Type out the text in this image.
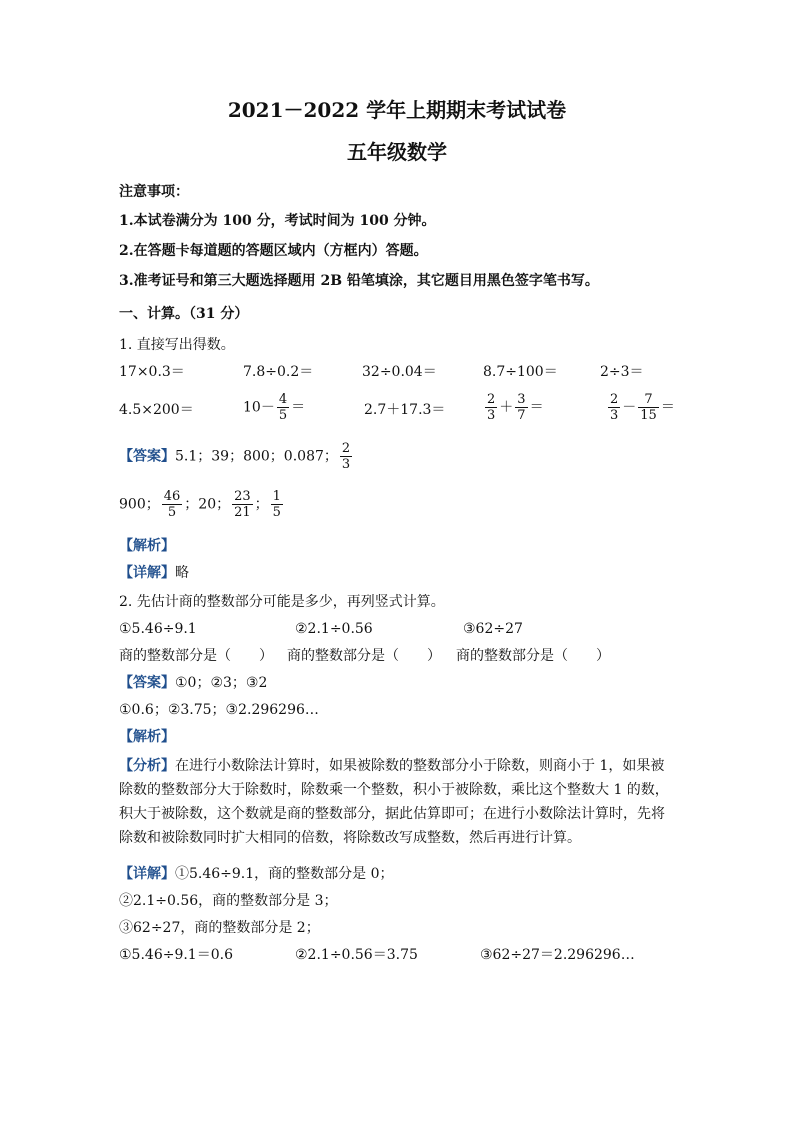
2021－2022 学年上期期末考试试卷
五年级数学
注意事项：
1.本试卷满分为 100 分，考试时间为 100 分钟。
2.在答题卡每道题的答题区域内（方框内）答题。
3.准考证号和第三大题选择题用 2B 铅笔填涂，其它题目用黑色签字笔书写。
一、计算。（31 分）
1. 直接写出得数。
17×0.3＝	7.8÷0.2＝	32÷0.04＝	8.7÷100＝	2÷3＝
4.5×200＝	$10- \frac{4}{5}$ ＝	2.7＋17.3＝	$\frac{2}{3} + \frac{3}{7}$ ＝	$\frac{2}{3} - \frac{7}{15}$ ＝
【答案】5.1；39；800；0.087； $\frac{2}{3}$
900； $\frac{46}{5}$ ；20； $\frac{23}{21}$ ； $\frac{1}{5}$
【解析】
【详解】略
2. 先估计商的整数部分可能是多少，再列竖式计算。
①5.46÷9.1	②2.1÷0.56	③62÷27
商的整数部分是（　　） 商的整数部分是（　　） 商的整数部分是（　　）
【答案】①0；②3；③2
①0.6；②3.75；③2.296296…
【解析】
【分析】在进行小数除法计算时，如果被除数的整数部分小于除数，则商小于 1，如果被除数的整数部分大于除数时，除数乘一个整数，积小于被除数，乘比这个整数大 1 的数，积大于被除数，这个数就是商的整数部分，据此估算即可；在进行小数除法计算时，先将除数和被除数同时扩大相同的倍数，将除数改写成整数，然后再进行计算。
【详解】①5.46÷9.1，商的整数部分是 0；
②2.1÷0.56，商的整数部分是 3；
③62÷27，商的整数部分是 2；
①5.46÷9.1＝0.6	②2.1÷0.56＝3.75	③62÷27＝2.296296…
